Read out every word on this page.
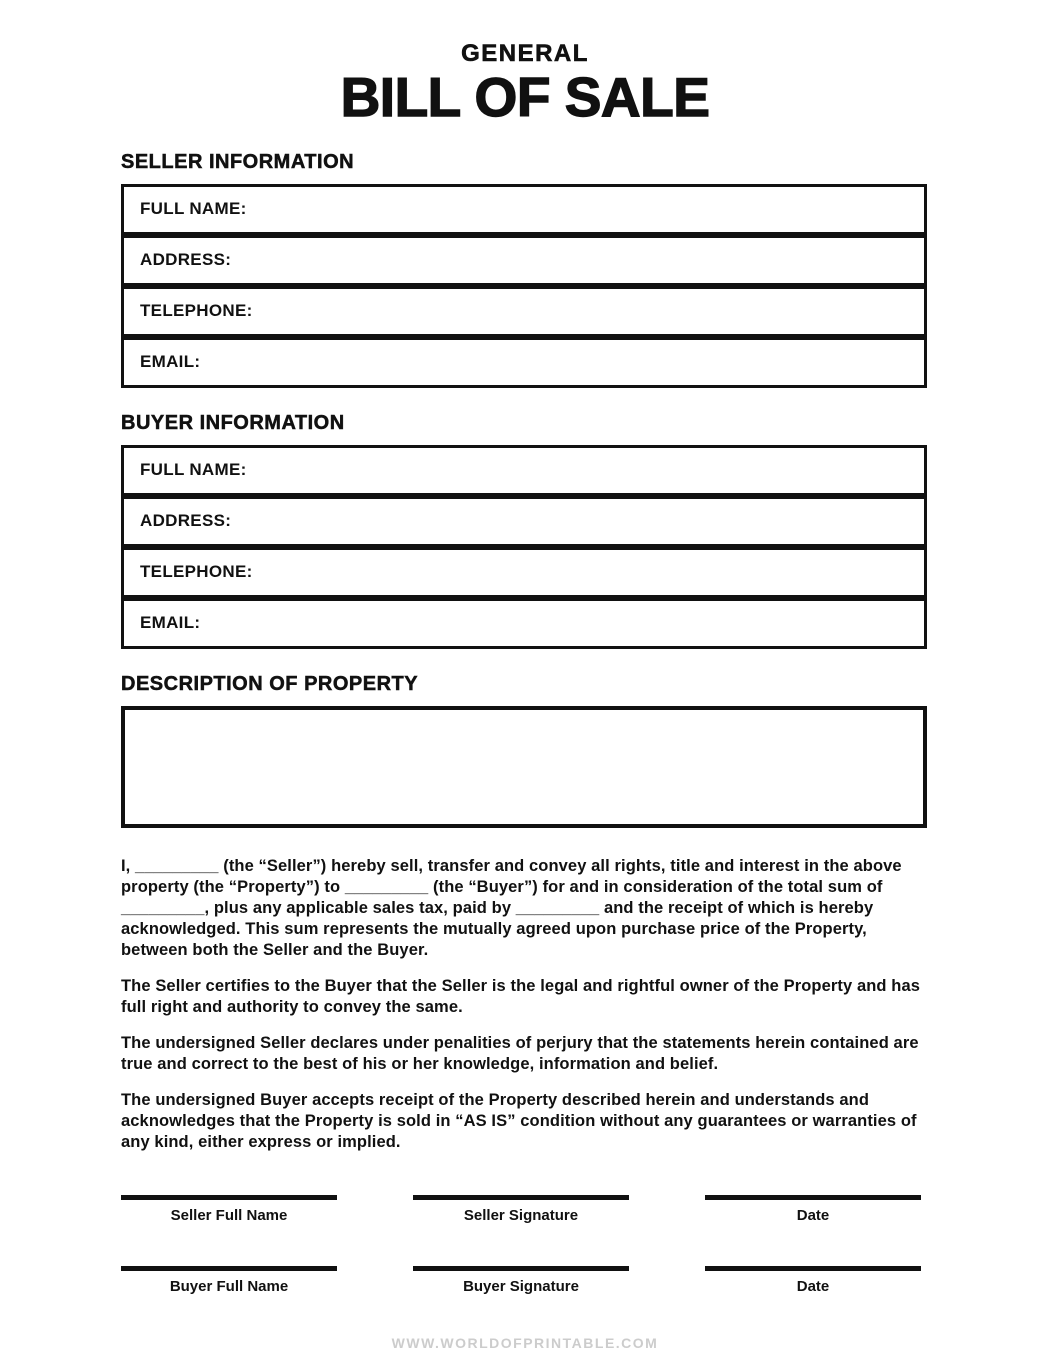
GENERAL
BILL OF SALE
SELLER INFORMATION
FULL NAME:
ADDRESS:
TELEPHONE:
EMAIL:
BUYER INFORMATION
FULL NAME:
ADDRESS:
TELEPHONE:
EMAIL:
DESCRIPTION OF PROPERTY

I, _________ (the “Seller”) hereby sell, transfer and convey all rights, title and interest in the above property (the “Property”) to _________ (the “Buyer”) for and in consideration of the total sum of _________, plus any applicable sales tax, paid by _________ and the receipt of which is hereby acknowledged. This sum represents the mutually agreed upon purchase price of the Property, between both the Seller and the Buyer.

The Seller certifies to the Buyer that the Seller is the legal and rightful owner of the Property and has full right and authority to convey the same.

The undersigned Seller declares under penalities of perjury that the statements herein contained are true and correct to the best of his or her knowledge, information and belief.

The undersigned Buyer accepts receipt of the Property described herein and understands and acknowledges that the Property is sold in “AS IS” condition without any guarantees or warranties of any kind, either express or implied.

Seller Full Name	Seller Signature	Date
Buyer Full Name	Buyer Signature	Date
WWW.WORLDOFPRINTABLE.COM
